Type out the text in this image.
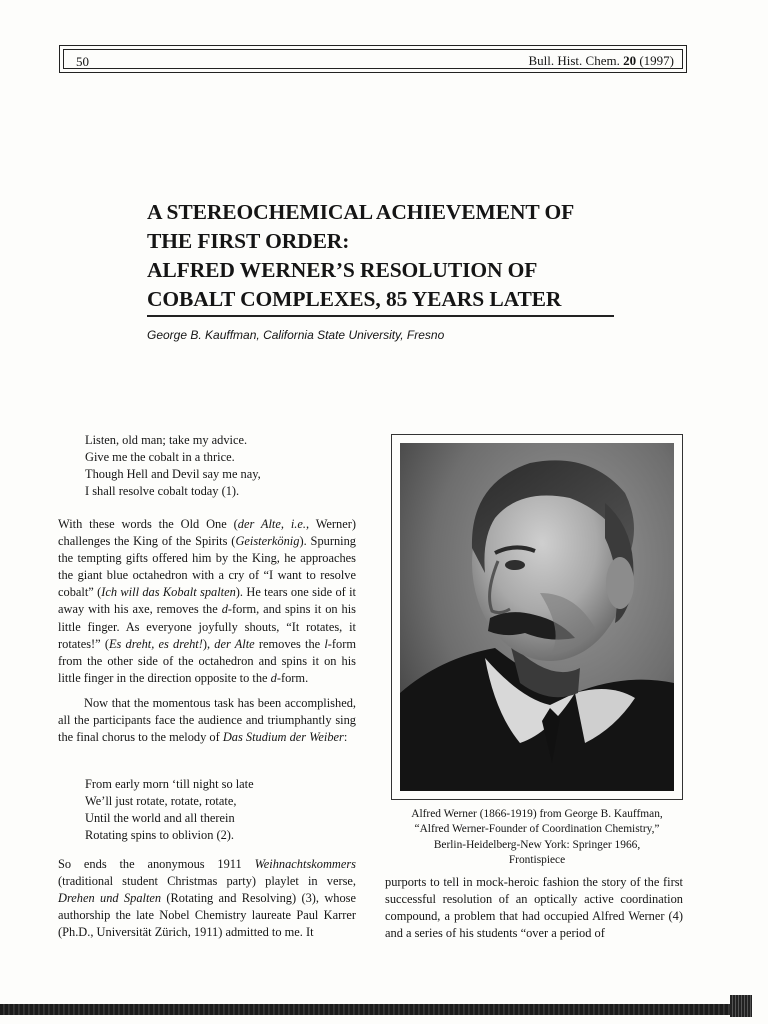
50	Bull. Hist. Chem. 20 (1997)
A STEREOCHEMICAL ACHIEVEMENT OF
THE FIRST ORDER:
ALFRED WERNER’S RESOLUTION OF
COBALT COMPLEXES, 85 YEARS LATER
George B. Kauffman, California State University, Fresno
Listen, old man; take my advice.
Give me the cobalt in a thrice.
Though Hell and Devil say me nay,
I shall resolve cobalt today (1).

With these words the Old One (der Alte, i.e., Werner) challenges the King of the Spirits (Geisterkönig). Spurning the tempting gifts offered him by the King, he approaches the giant blue octahedron with a cry of “I want to resolve cobalt” (Ich will das Kobalt spalten). He tears one side of it away with his axe, removes the d-form, and spins it on his little finger. As everyone joyfully shouts, “It rotates, it rotates!” (Es dreht, es dreht!), der Alte removes the l-form from the other side of the octahedron and spins it on his little finger in the direction opposite to the d-form.

Now that the momentous task has been accomplished, all the participants face the audience and triumphantly sing the final chorus to the melody of Das Studium der Weiber:

From early morn ‘till night so late
We’ll just rotate, rotate, rotate,
Until the world and all therein
Rotating spins to oblivion (2).

So ends the anonymous 1911 Weihnachtskommers (traditional student Christmas party) playlet in verse, Drehen und Spalten (Rotating and Resolving) (3), whose authorship the late Nobel Chemistry laureate Paul Karrer (Ph.D., Universität Zürich, 1911) admitted to me. It

Alfred Werner (1866-1919) from George B. Kauffman,
“Alfred Werner-Founder of Coordination Chemistry,”
Berlin-Heidelberg-New York: Springer 1966,
Frontispiece

purports to tell in mock-heroic fashion the story of the first successful resolution of an optically active coordination compound, a problem that had occupied Alfred Werner (4) and a series of his students “over a period of
